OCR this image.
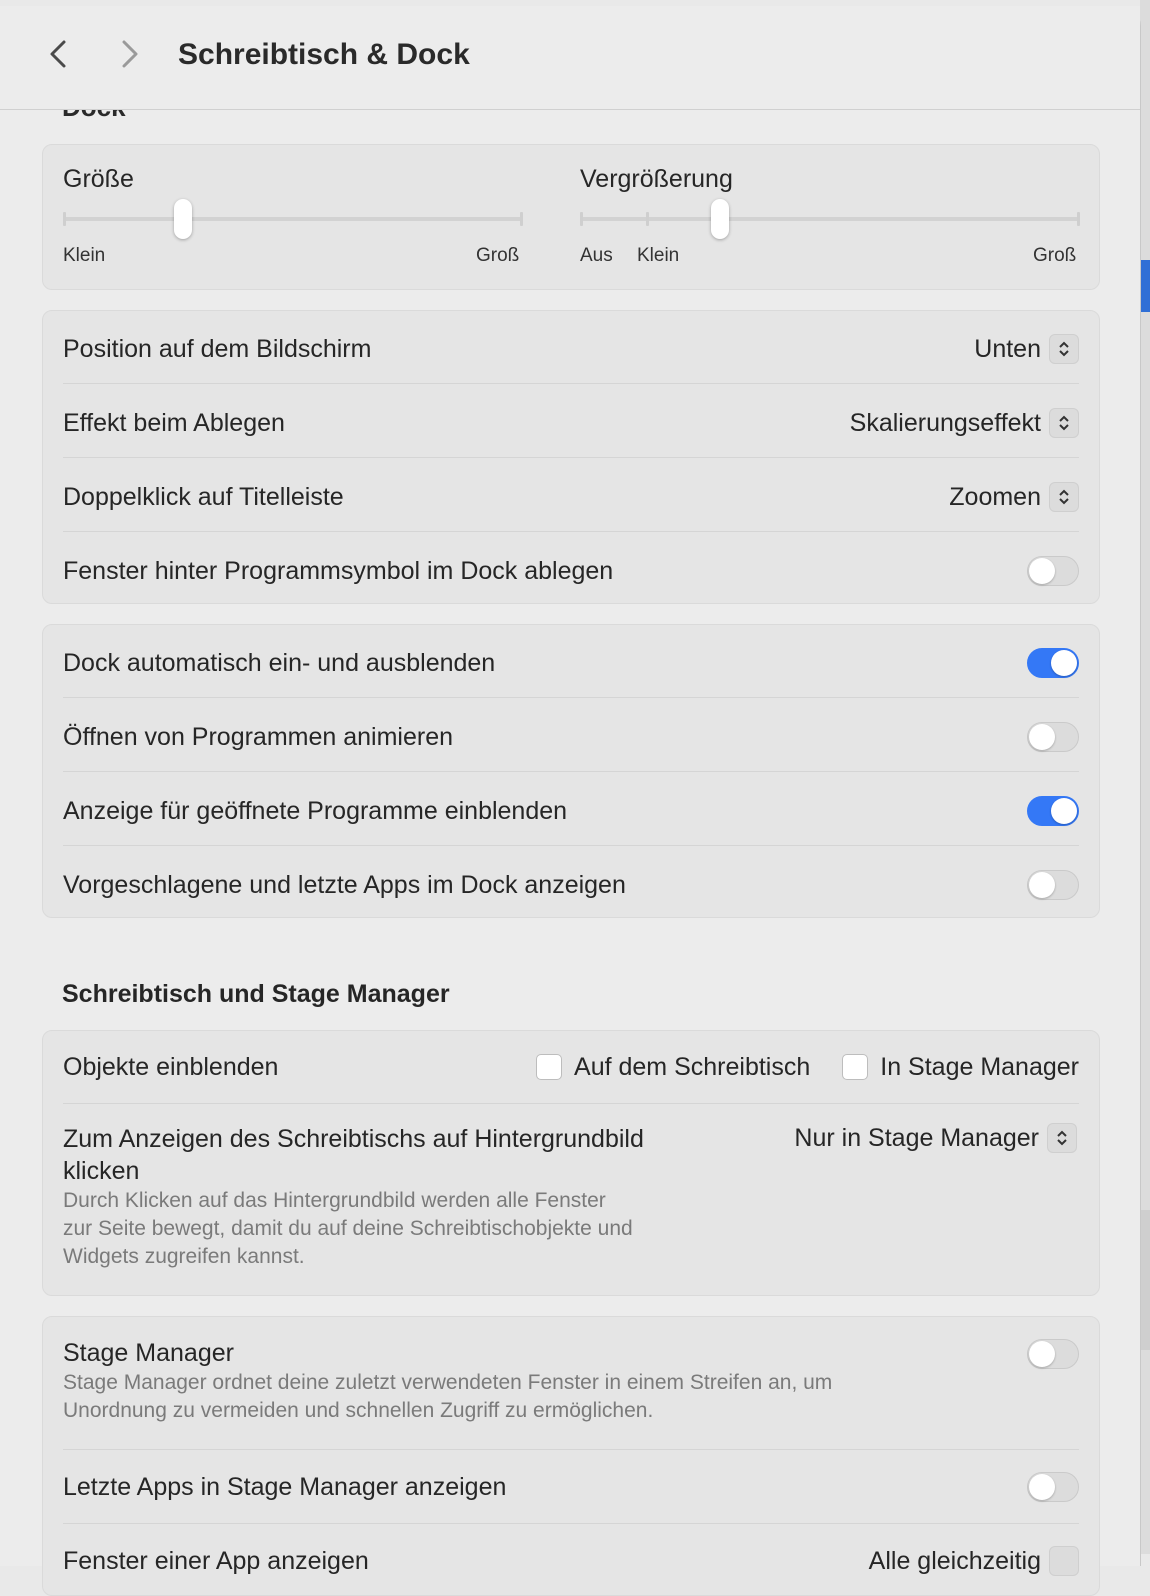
Schreibtisch & Dock
Größe
Klein	Groß
Vergrößerung
Aus Klein	Groß
Position auf dem Bildschirm	Unten
Effekt beim Ablegen	Skalierungseffekt
Doppelklick auf Titelleiste	Zoomen
Fenster hinter Programmsymbol im Dock ablegen
Dock automatisch ein- und ausblenden
Öffnen von Programmen animieren
Anzeige für geöffnete Programme einblenden
Vorgeschlagene und letzte Apps im Dock anzeigen
Schreibtisch und Stage Manager
Objekte einblenden	Auf dem Schreibtisch	In Stage Manager
Zum Anzeigen des Schreibtischs auf Hintergrundbild
klicken
Durch Klicken auf das Hintergrundbild werden alle Fenster
zur Seite bewegt, damit du auf deine Schreibtischobjekte und
Widgets zugreifen kannst.
Nur in Stage Manager
Stage Manager
Stage Manager ordnet deine zuletzt verwendeten Fenster in einem Streifen an, um
Unordnung zu vermeiden und schnellen Zugriff zu ermöglichen.
Letzte Apps in Stage Manager anzeigen
Fenster einer App anzeigen	Alle gleichzeitig
